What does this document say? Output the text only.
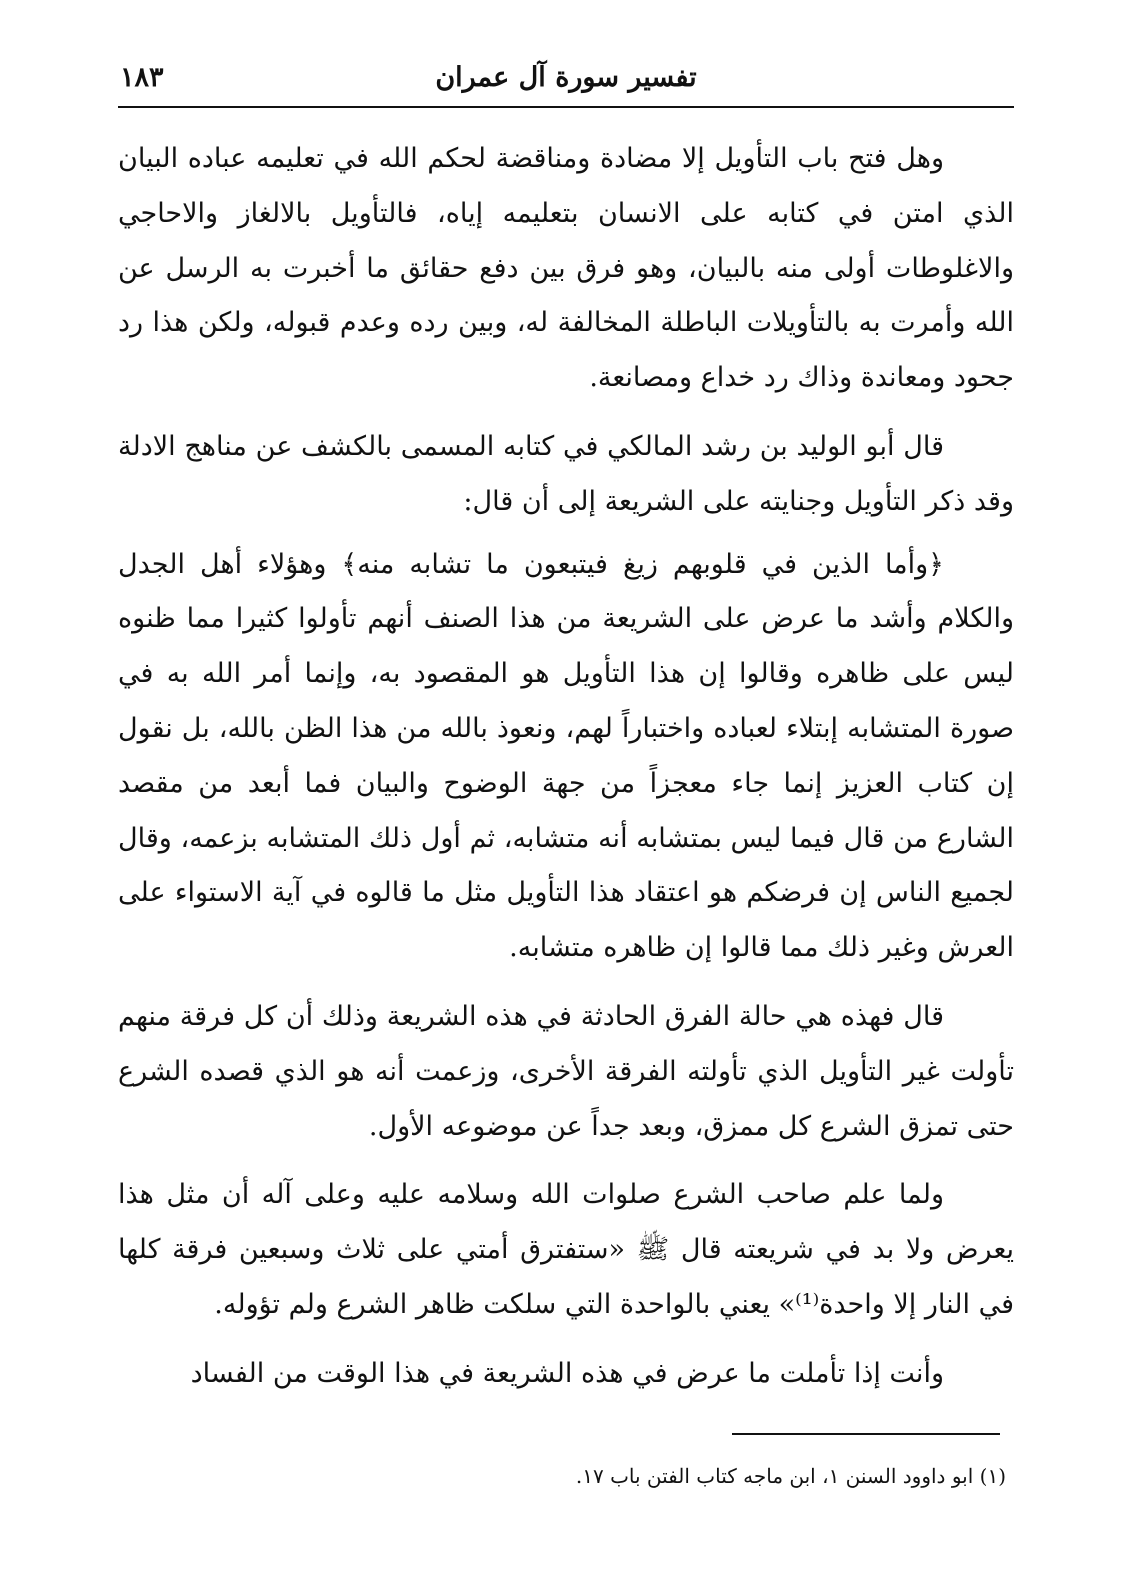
تفسير سورة آل عمران
١٨٣

وهل فتح باب التأويل إلا مضادة ومناقضة لحكم الله في تعليمه عباده البيان الذي امتن في كتابه على الانسان بتعليمه إياه، فالتأويل بالالغاز والاحاجي والاغلوطات أولى منه بالبيان، وهو فرق بين دفع حقائق ما أخبرت به الرسل عن الله وأمرت به بالتأويلات الباطلة المخالفة له، وبين رده وعدم قبوله، ولكن هذا رد جحود ومعاندة وذاك رد خداع ومصانعة.

قال أبو الوليد بن رشد المالكي في كتابه المسمى بالكشف عن مناهج الادلة وقد ذكر التأويل وجنايته على الشريعة إلى أن قال:

﴿وأما الذين في قلوبهم زيغ فيتبعون ما تشابه منه﴾ وهؤلاء أهل الجدل والكلام وأشد ما عرض على الشريعة من هذا الصنف أنهم تأولوا كثيرا مما ظنوه ليس على ظاهره وقالوا إن هذا التأويل هو المقصود به، وإنما أمر الله به في صورة المتشابه إبتلاء لعباده واختباراً لهم، ونعوذ بالله من هذا الظن بالله، بل نقول إن كتاب العزيز إنما جاء معجزاً من جهة الوضوح والبيان فما أبعد من مقصد الشارع من قال فيما ليس بمتشابه أنه متشابه، ثم أول ذلك المتشابه بزعمه، وقال لجميع الناس إن فرضكم هو اعتقاد هذا التأويل مثل ما قالوه في آية الاستواء على العرش وغير ذلك مما قالوا إن ظاهره متشابه.

قال فهذه هي حالة الفرق الحادثة في هذه الشريعة وذلك أن كل فرقة منهم تأولت غير التأويل الذي تأولته الفرقة الأخرى، وزعمت أنه هو الذي قصده الشرع حتى تمزق الشرع كل ممزق، وبعد جداً عن موضوعه الأول.

ولما علم صاحب الشرع صلوات الله وسلامه عليه وعلى آله أن مثل هذا يعرض ولا بد في شريعته قال ﷺ «ستفترق أمتي على ثلاث وسبعين فرقة كلها في النار إلا واحدة⁽¹⁾» يعني بالواحدة التي سلكت ظاهر الشرع ولم تؤوله.

وأنت إذا تأملت ما عرض في هذه الشريعة في هذا الوقت من الفساد

(١) ابو داوود السنن ١، ابن ماجه كتاب الفتن باب ١٧.
